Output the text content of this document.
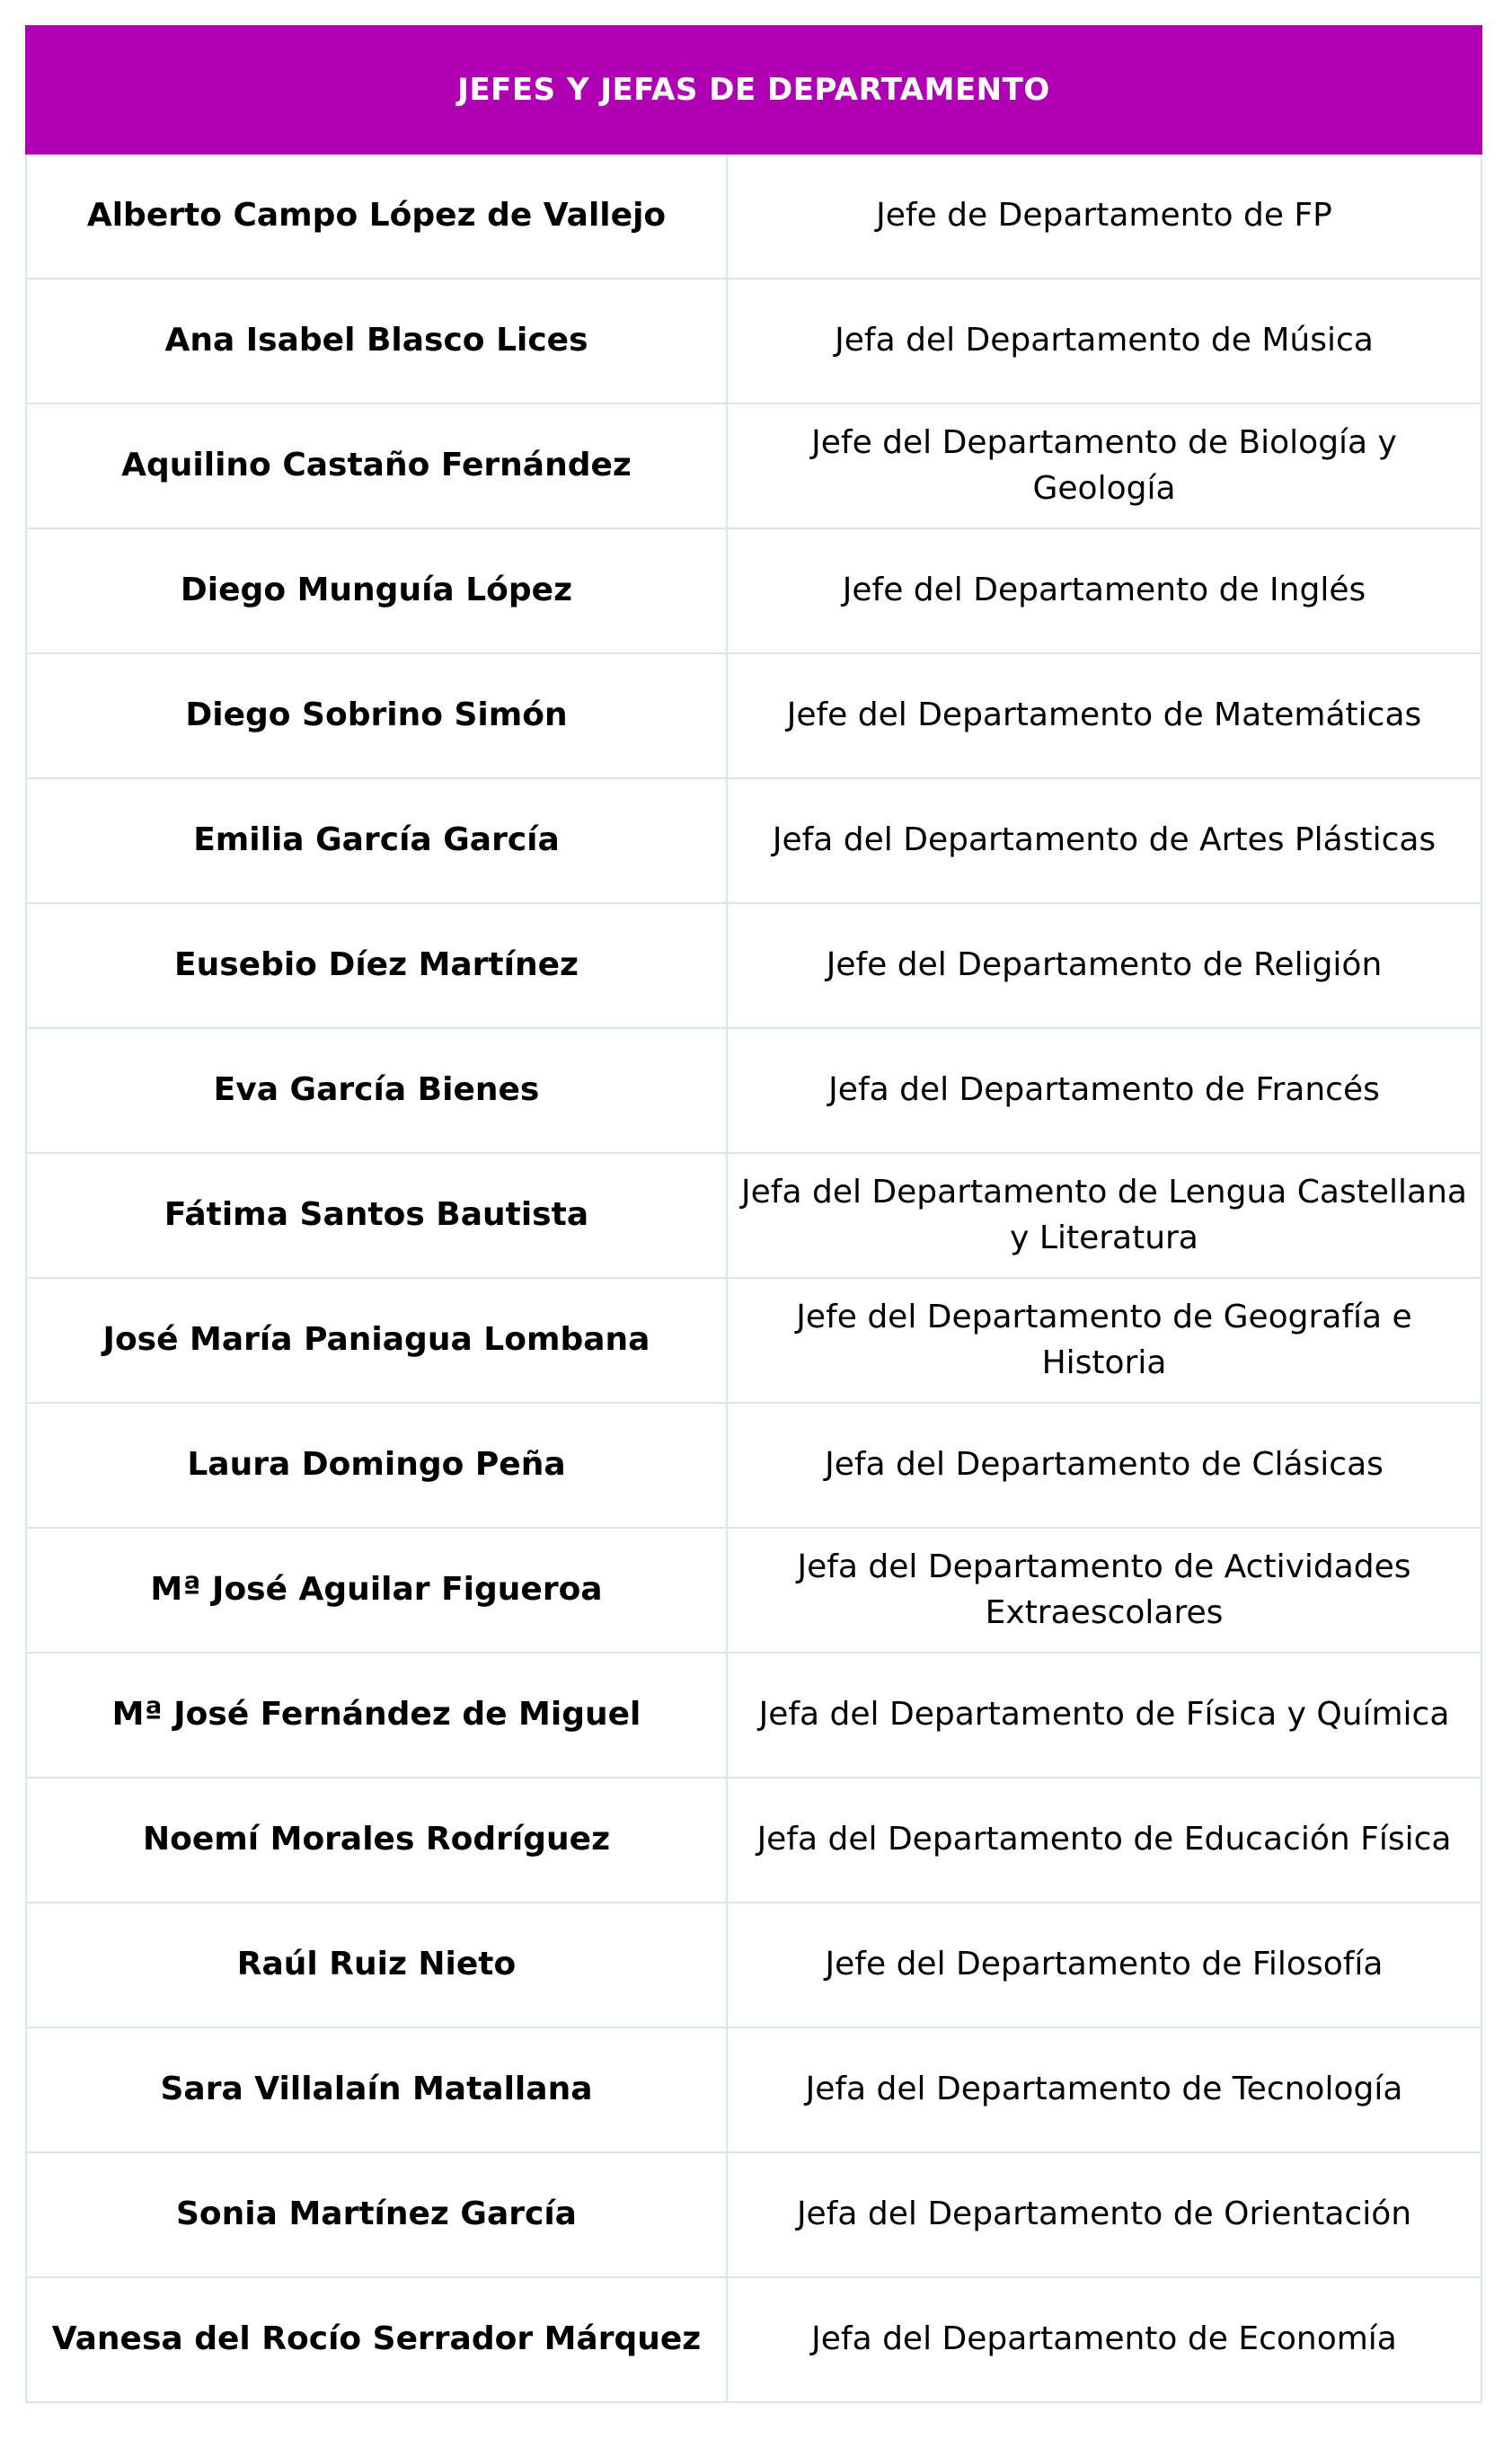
JEFES Y JEFAS DE DEPARTAMENTO	
Alberto Campo López de Vallejo	Jefe de Departamento de FP
Ana Isabel Blasco Lices	Jefa del Departamento de Música
Aquilino Castaño Fernández	Jefe del Departamento de Biología y Geología
Diego Munguía López	Jefe del Departamento de Inglés
Diego Sobrino Simón	Jefe del Departamento de Matemáticas
Emilia García García	Jefa del Departamento de Artes Plásticas
Eusebio Díez Martínez	Jefe del Departamento de Religión
Eva García Bienes	Jefa del Departamento de Francés
Fátima Santos Bautista	Jefa del Departamento de Lengua Castellana y Literatura
José María Paniagua Lombana	Jefe del Departamento de Geografía e Historia
Laura Domingo Peña	Jefa del Departamento de Clásicas
Mª José Aguilar Figueroa	Jefa del Departamento de Actividades Extraescolares
Mª José Fernández de Miguel	Jefa del Departamento de Física y Química
Noemí Morales Rodríguez	Jefa del Departamento de Educación Física
Raúl Ruiz Nieto	Jefe del Departamento de Filosofía
Sara Villalaín Matallana	Jefa del Departamento de Tecnología
Sonia Martínez García	Jefa del Departamento de Orientación
Vanesa del Rocío Serrador Márquez	Jefa del Departamento de Economía
